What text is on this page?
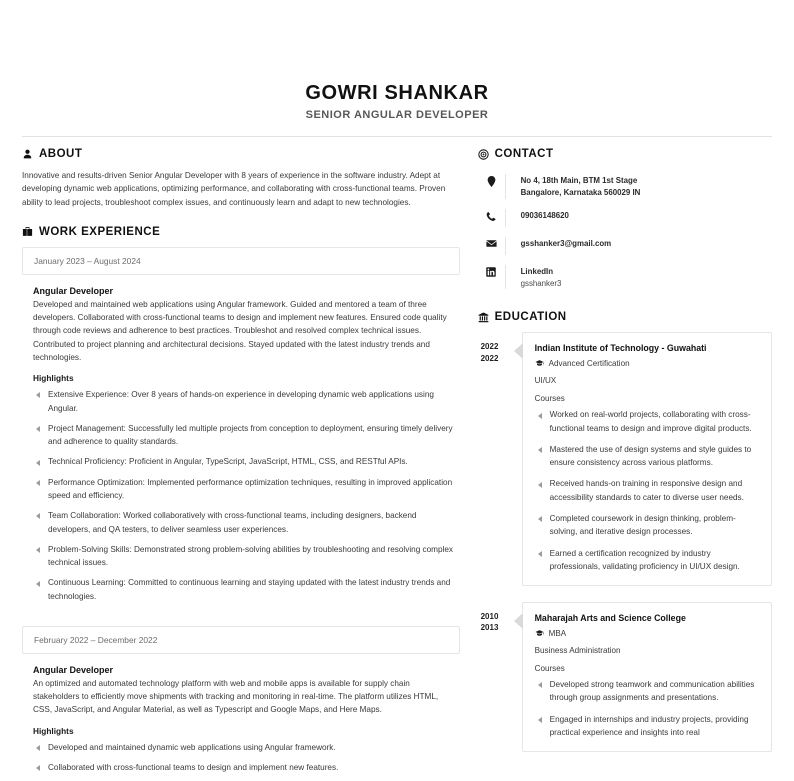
GOWRI SHANKAR
SENIOR ANGULAR DEVELOPER
ABOUT
Innovative and results-driven Senior Angular Developer with 8 years of experience in the software industry. Adept at developing dynamic web applications, optimizing performance, and collaborating with cross-functional teams. Proven ability to lead projects, troubleshoot complex issues, and continuously learn and adapt to new technologies.
WORK EXPERIENCE
January 2023 – August 2024
Angular Developer
Developed and maintained web applications using Angular framework. Guided and mentored a team of three developers. Collaborated with cross-functional teams to design and implement new features. Ensured code quality through code reviews and adherence to best practices. Troubleshot and resolved complex technical issues. Contributed to project planning and architectural decisions. Stayed updated with the latest industry trends and technologies.
Highlights
Extensive Experience: Over 8 years of hands-on experience in developing dynamic web applications using Angular.
Project Management: Successfully led multiple projects from conception to deployment, ensuring timely delivery and adherence to quality standards.
Technical Proficiency: Proficient in Angular, TypeScript, JavaScript, HTML, CSS, and RESTful APIs.
Performance Optimization: Implemented performance optimization techniques, resulting in improved application speed and efficiency.
Team Collaboration: Worked collaboratively with cross-functional teams, including designers, backend developers, and QA testers, to deliver seamless user experiences.
Problem-Solving Skills: Demonstrated strong problem-solving abilities by troubleshooting and resolving complex technical issues.
Continuous Learning: Committed to continuous learning and staying updated with the latest industry trends and technologies.
February 2022 – December 2022
Angular Developer
An optimized and automated technology platform with web and mobile apps is available for supply chain stakeholders to efficiently move shipments with tracking and monitoring in real-time. The platform utilizes HTML, CSS, JavaScript, and Angular Material, as well as Typescript and Google Maps, and Here Maps.
Highlights
Developed and maintained dynamic web applications using Angular framework.
Collaborated with cross-functional teams to design and implement new features.
CONTACT
No 4, 18th Main, BTM 1st Stage
Bangalore, Karnataka 560029 IN
09036148620
gsshanker3@gmail.com
LinkedIn
gsshanker3
EDUCATION
2022
2022
Indian Institute of Technology - Guwahati
Advanced Certification
UI/UX
Courses
Worked on real-world projects, collaborating with cross-functional teams to design and improve digital products.
Mastered the use of design systems and style guides to ensure consistency across various platforms.
Received hands-on training in responsive design and accessibility standards to cater to diverse user needs.
Completed coursework in design thinking, problem-solving, and iterative design processes.
Earned a certification recognized by industry professionals, validating proficiency in UI/UX design.
2010
2013
Maharajah Arts and Science College
MBA
Business Administration
Courses
Developed strong teamwork and communication abilities through group assignments and presentations.
Engaged in internships and industry projects, providing practical experience and insights into real
